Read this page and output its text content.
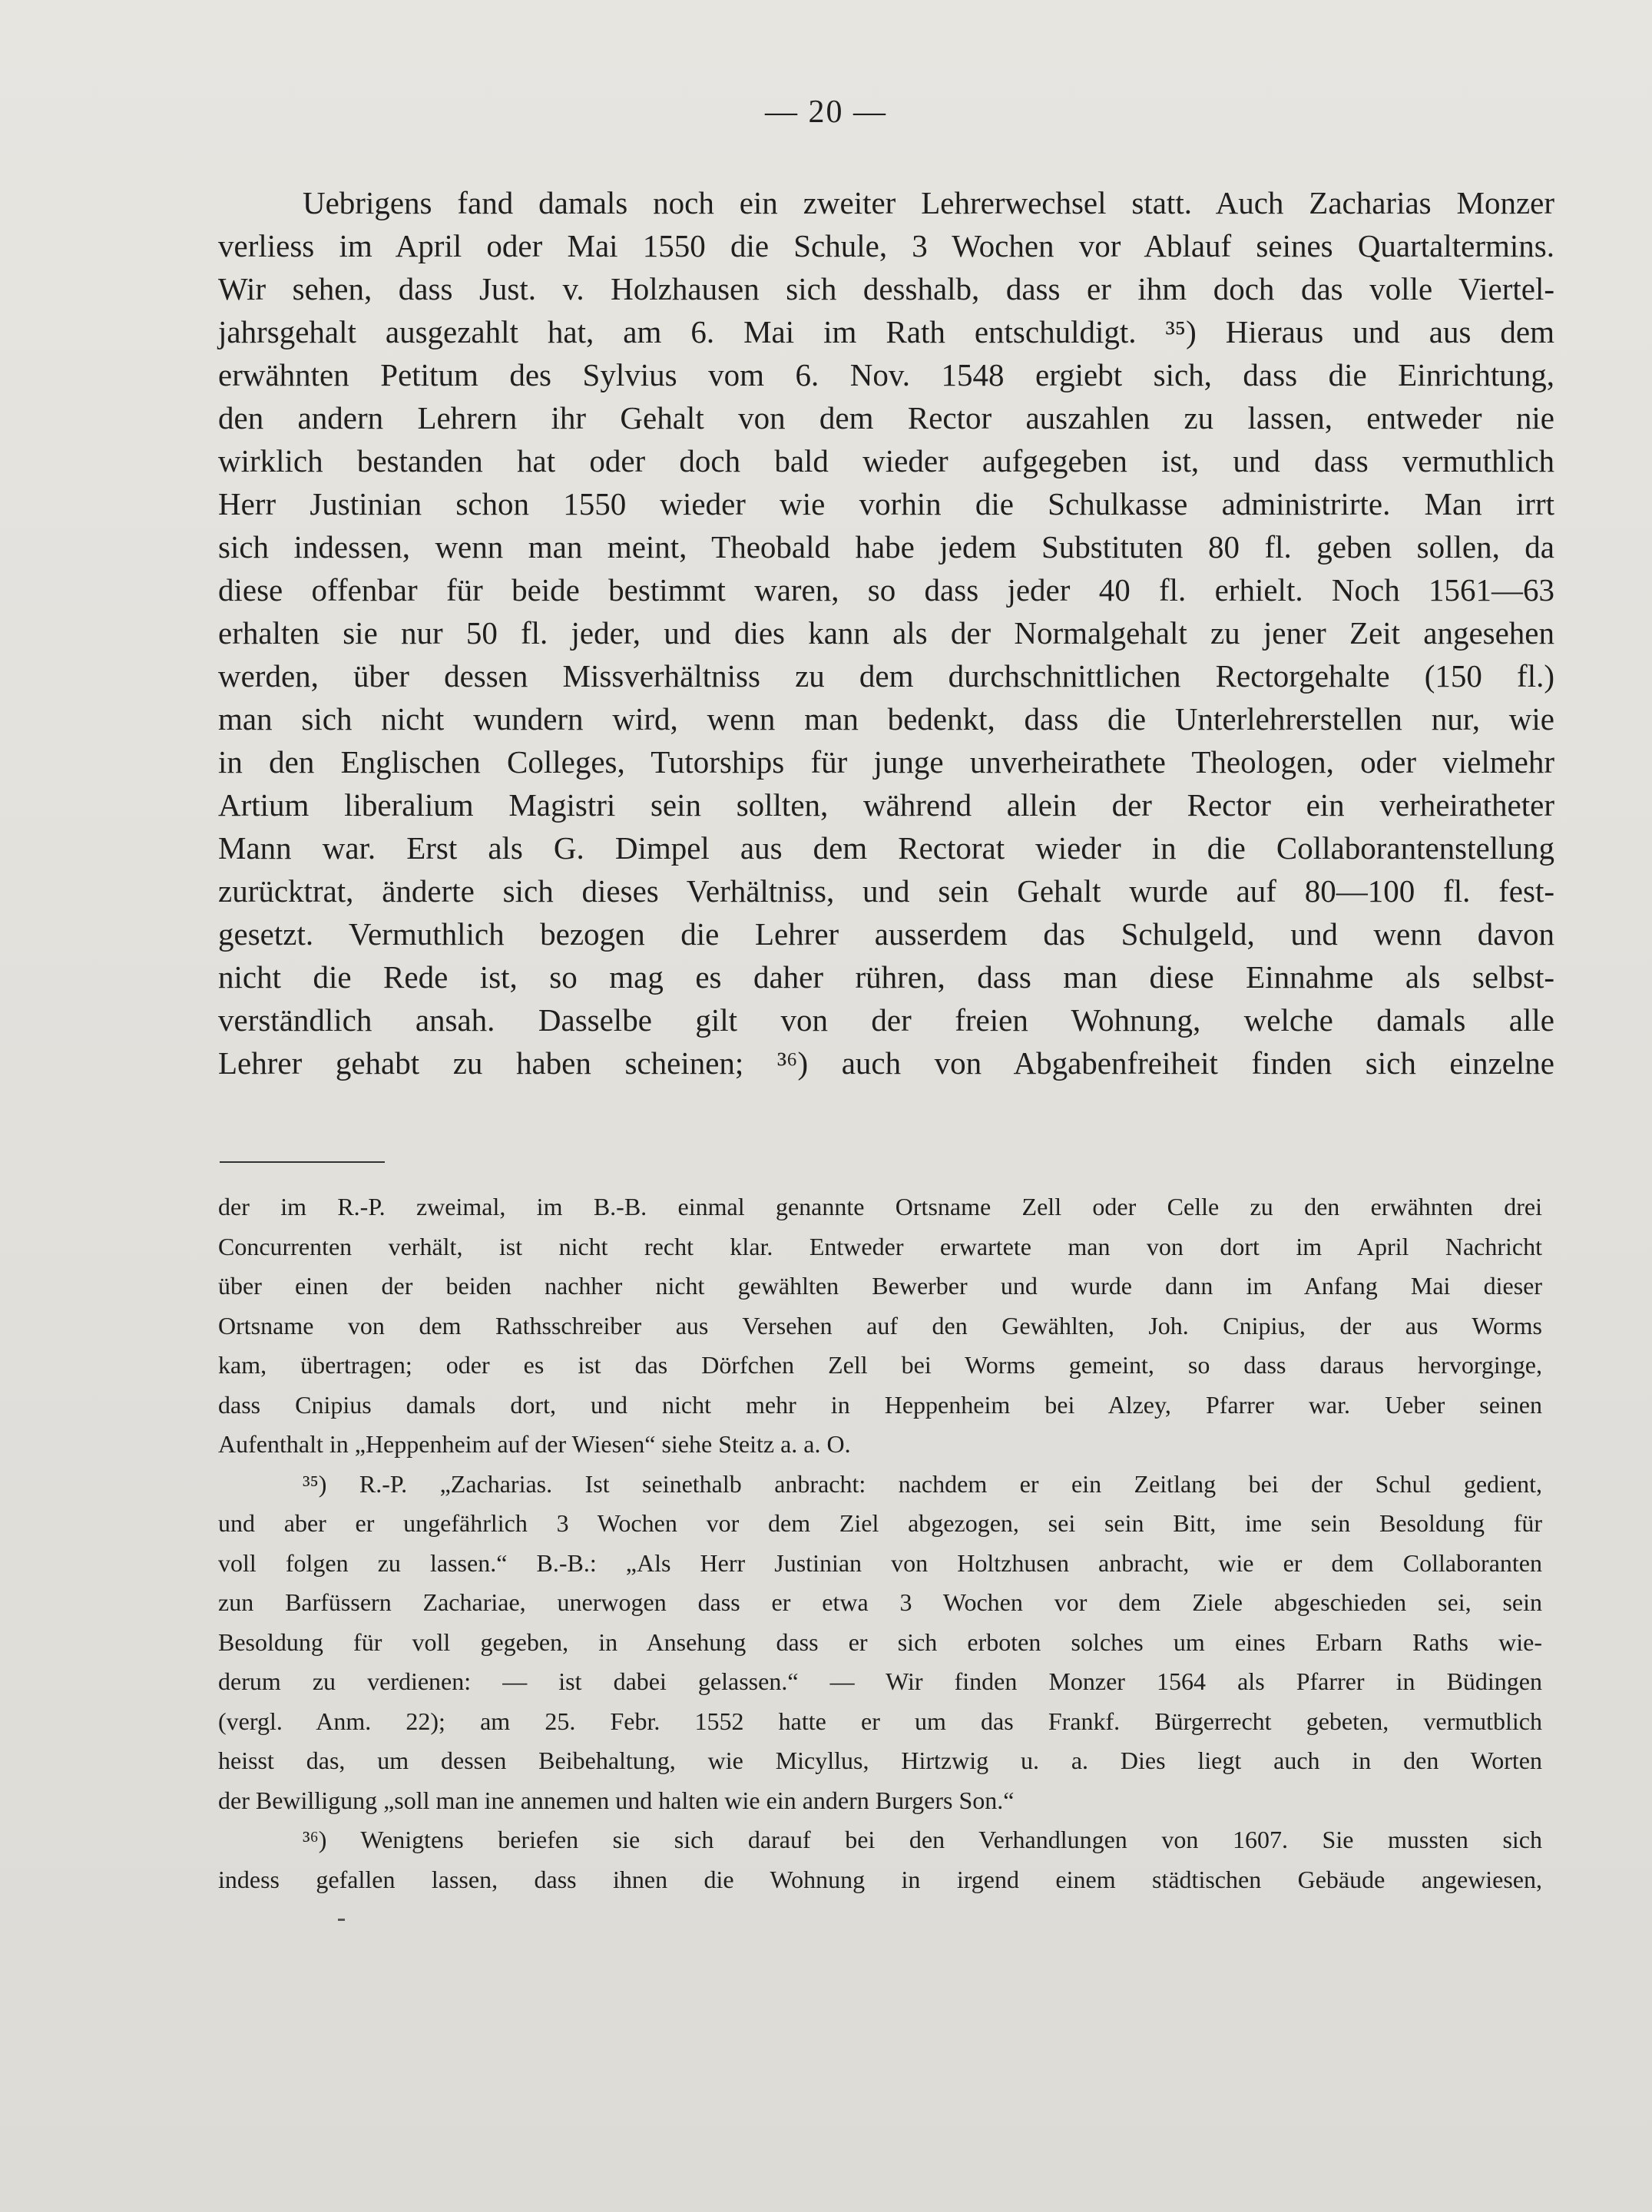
— 20 —
Uebrigens fand damals noch ein zweiter Lehrerwechsel statt. Auch Zacharias Monzer
verliess im April oder Mai 1550 die Schule, 3 Wochen vor Ablauf seines Quartaltermins.
Wir sehen, dass Just. v. Holzhausen sich desshalb, dass er ihm doch das volle Viertel-
jahrsgehalt ausgezahlt hat, am 6. Mai im Rath entschuldigt. ³⁵) Hieraus und aus dem
erwähnten Petitum des Sylvius vom 6. Nov. 1548 ergiebt sich, dass die Einrichtung,
den andern Lehrern ihr Gehalt von dem Rector auszahlen zu lassen, entweder nie
wirklich bestanden hat oder doch bald wieder aufgegeben ist, und dass vermuthlich
Herr Justinian schon 1550 wieder wie vorhin die Schulkasse administrirte. Man irrt
sich indessen, wenn man meint, Theobald habe jedem Substituten 80 fl. geben sollen, da
diese offenbar für beide bestimmt waren, so dass jeder 40 fl. erhielt. Noch 1561—63
erhalten sie nur 50 fl. jeder, und dies kann als der Normalgehalt zu jener Zeit angesehen
werden, über dessen Missverhältniss zu dem durchschnittlichen Rectorgehalte (150 fl.)
man sich nicht wundern wird, wenn man bedenkt, dass die Unterlehrerstellen nur, wie
in den Englischen Colleges, Tutorships für junge unverheirathete Theologen, oder vielmehr
Artium liberalium Magistri sein sollten, während allein der Rector ein verheiratheter
Mann war. Erst als G. Dimpel aus dem Rectorat wieder in die Collaborantenstellung
zurücktrat, änderte sich dieses Verhältniss, und sein Gehalt wurde auf 80—100 fl. fest-
gesetzt. Vermuthlich bezogen die Lehrer ausserdem das Schulgeld, und wenn davon
nicht die Rede ist, so mag es daher rühren, dass man diese Einnahme als selbst-
verständlich ansah. Dasselbe gilt von der freien Wohnung, welche damals alle
Lehrer gehabt zu haben scheinen; ³⁶) auch von Abgabenfreiheit finden sich einzelne
der im R.-P. zweimal, im B.-B. einmal genannte Ortsname Zell oder Celle zu den erwähnten drei
Concurrenten verhält, ist nicht recht klar. Entweder erwartete man von dort im April Nachricht
über einen der beiden nachher nicht gewählten Bewerber und wurde dann im Anfang Mai dieser
Ortsname von dem Rathsschreiber aus Versehen auf den Gewählten, Joh. Cnipius, der aus Worms
kam, übertragen; oder es ist das Dörfchen Zell bei Worms gemeint, so dass daraus hervorginge,
dass Cnipius damals dort, und nicht mehr in Heppenheim bei Alzey, Pfarrer war. Ueber seinen
Aufenthalt in „Heppenheim auf der Wiesen“ siehe Steitz a. a. O.
³⁵) R.-P. „Zacharias. Ist seinethalb anbracht: nachdem er ein Zeitlang bei der Schul gedient,
und aber er ungefährlich 3 Wochen vor dem Ziel abgezogen, sei sein Bitt, ime sein Besoldung für
voll folgen zu lassen.“ B.-B.: „Als Herr Justinian von Holtzhusen anbracht, wie er dem Collaboranten
zun Barfüssern Zachariae, unerwogen dass er etwa 3 Wochen vor dem Ziele abgeschieden sei, sein
Besoldung für voll gegeben, in Ansehung dass er sich erboten solches um eines Erbarn Raths wie-
derum zu verdienen: — ist dabei gelassen.“ — Wir finden Monzer 1564 als Pfarrer in Büdingen
(vergl. Anm. 22); am 25. Febr. 1552 hatte er um das Frankf. Bürgerrecht gebeten, vermutblich
heisst das, um dessen Beibehaltung, wie Micyllus, Hirtzwig u. a. Dies liegt auch in den Worten
der Bewilligung „soll man ine annemen und halten wie ein andern Burgers Son.“
³⁶) Wenigtens beriefen sie sich darauf bei den Verhandlungen von 1607. Sie mussten sich
indess gefallen lassen, dass ihnen die Wohnung in irgend einem städtischen Gebäude angewiesen,
